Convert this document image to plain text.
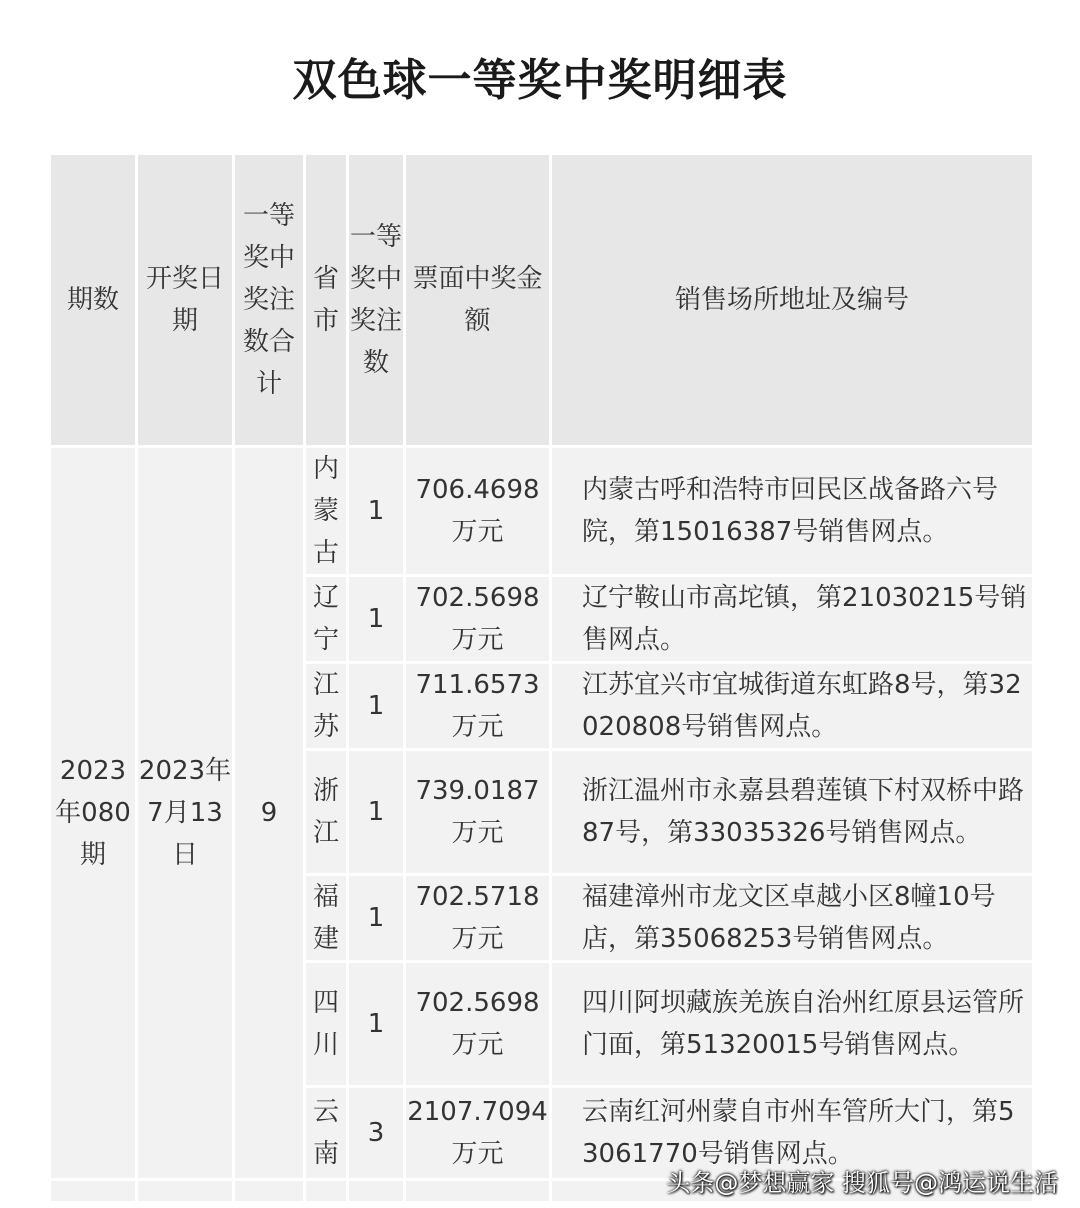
双色球一等奖中奖明细表
期数	开奖日期	一等奖中奖注数合计	省市	一等奖中奖注数	票面中奖金额	销售场所地址及编号
2023年080期	2023年7月13日	9	内蒙古	1	706.4698万元	内蒙古呼和浩特市回民区战备路六号院，第15016387号销售网点。
			辽宁	1	702.5698万元	辽宁鞍山市高坨镇，第21030215号销售网点。
			江苏	1	711.6573万元	江苏宜兴市宜城街道东虹路8号，第32020808号销售网点。
			浙江	1	739.0187万元	浙江温州市永嘉县碧莲镇下村双桥中路87号，第33035326号销售网点。
			福建	1	702.5718万元	福建漳州市龙文区卓越小区8幢10号店，第35068253号销售网点。
			四川	1	702.5698万元	四川阿坝藏族羌族自治州红原县运管所门面，第51320015号销售网点。
			云南	3	2107.7094万元	云南红河州蒙自市州车管所大门，第53061770号销售网点。

头条@梦想赢家 搜狐号@鸿运说生活
